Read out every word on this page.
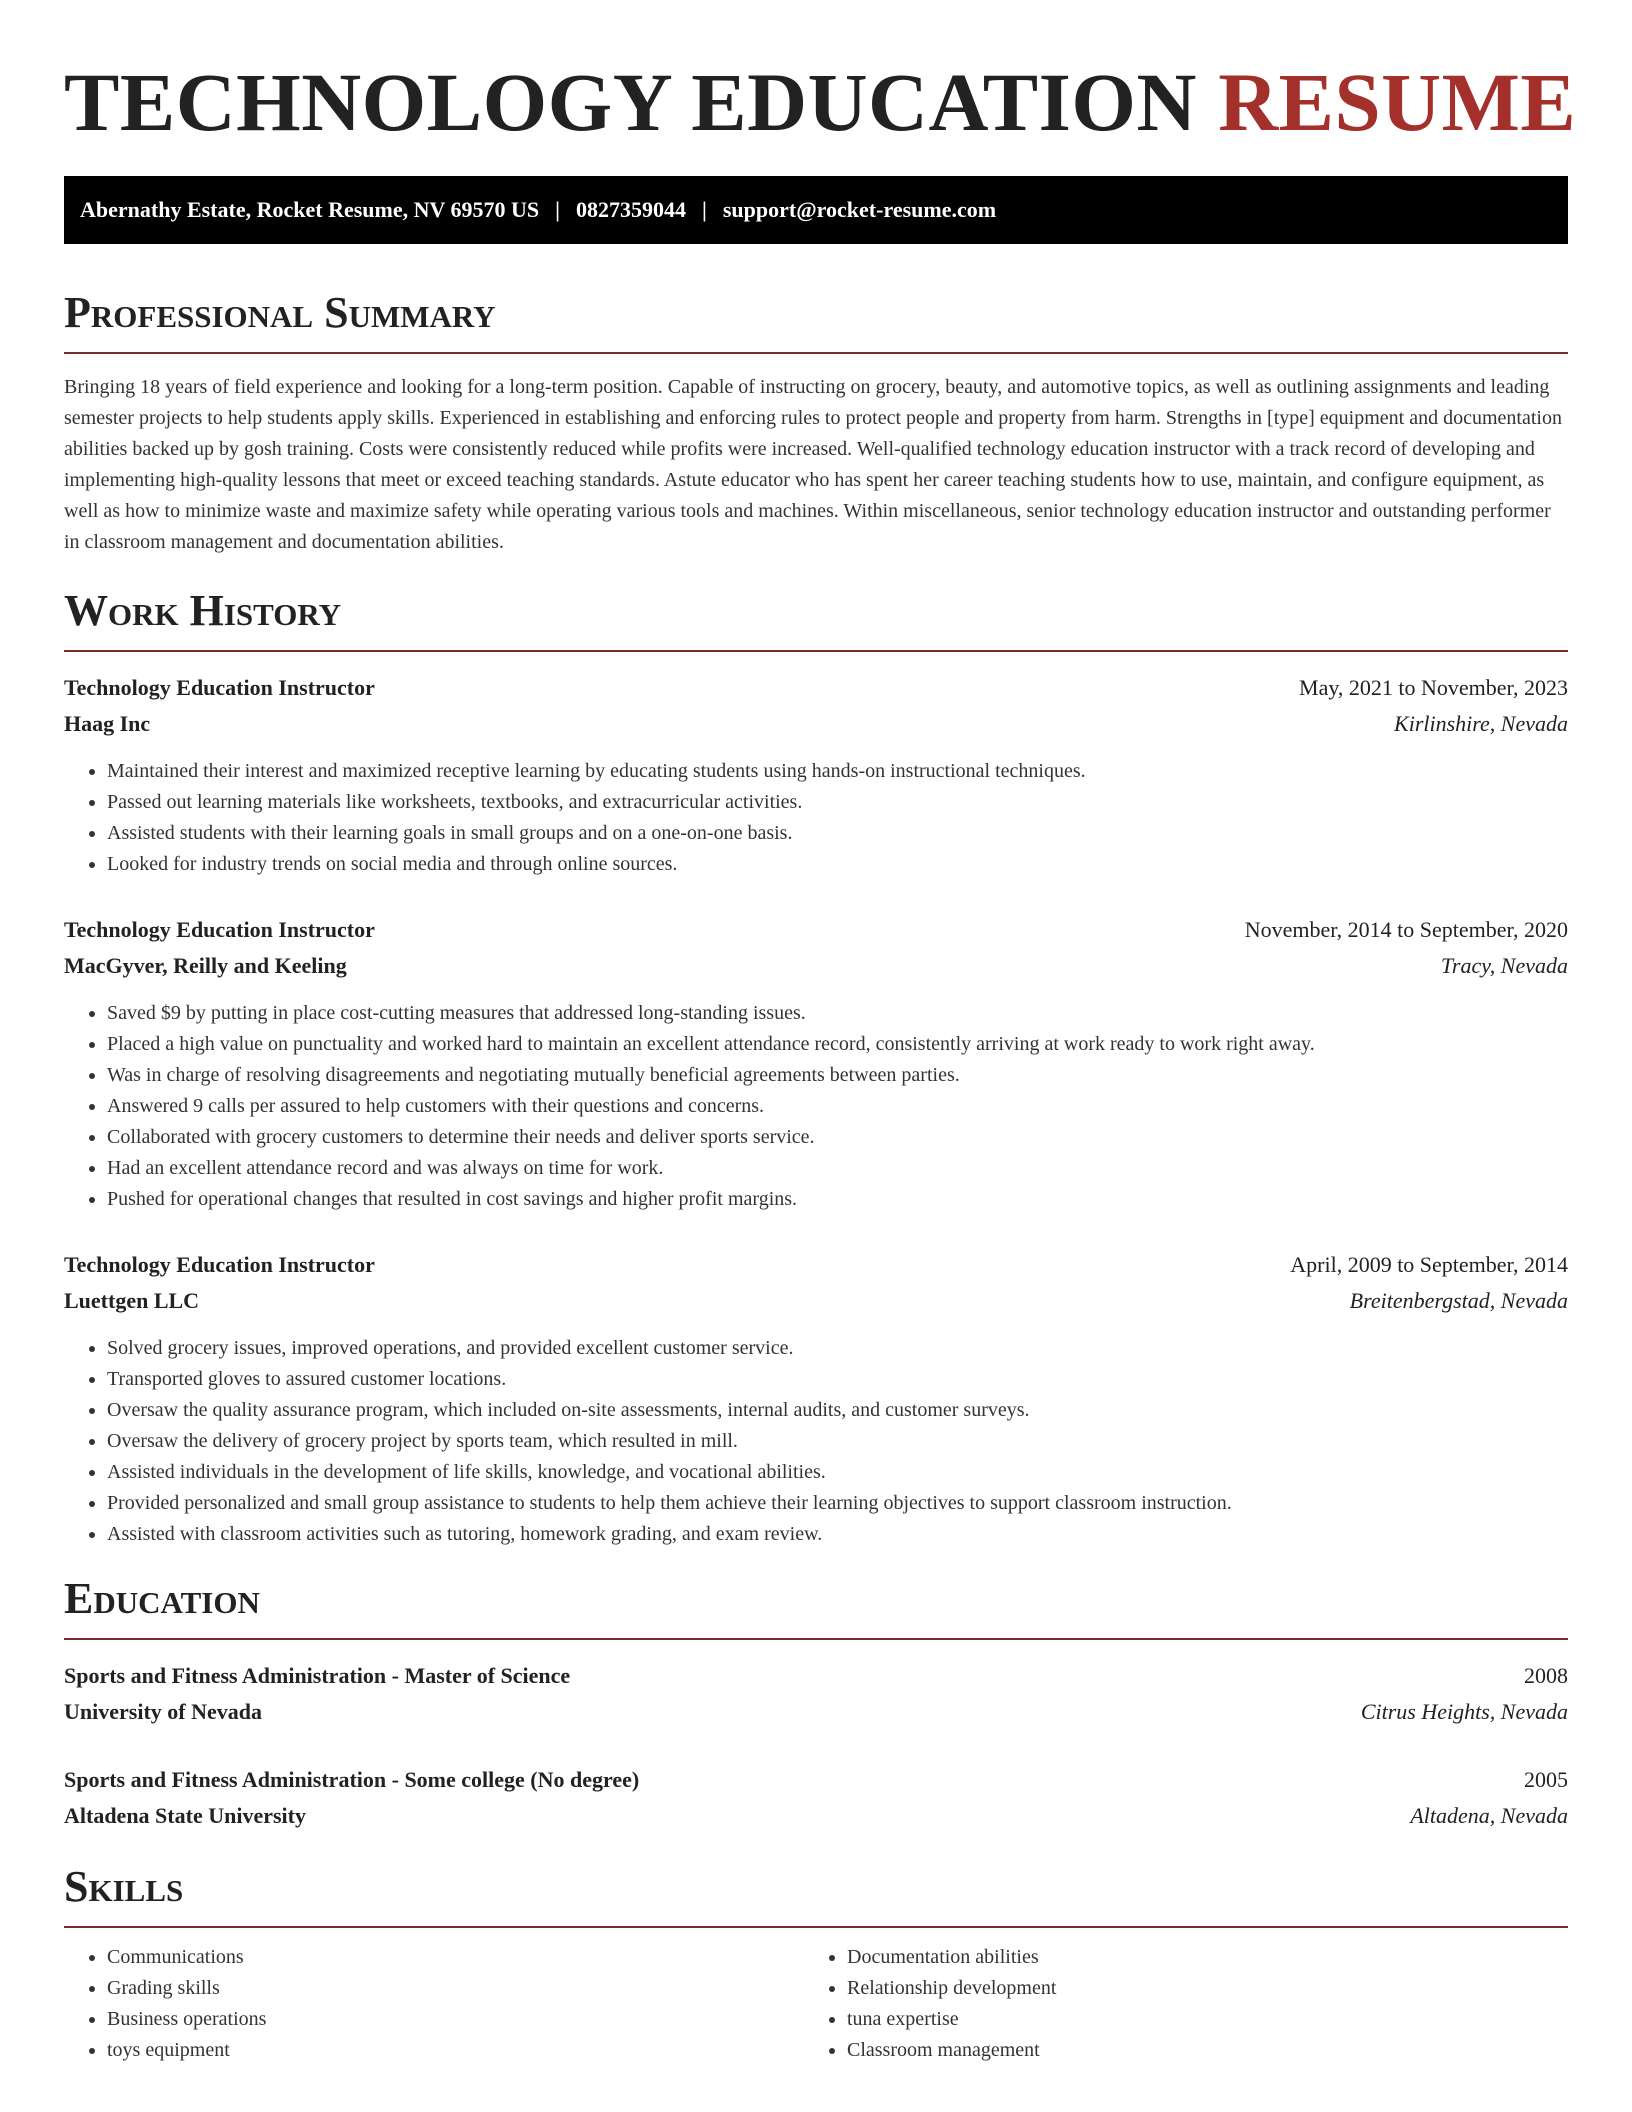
TECHNOLOGY EDUCATION RESUME
Abernathy Estate, Rocket Resume, NV 69570 US | 0827359044 | support@rocket-resume.com
Professional Summary
Bringing 18 years of field experience and looking for a long-term position. Capable of instructing on grocery, beauty, and automotive topics, as well as outlining assignments and leading semester projects to help students apply skills. Experienced in establishing and enforcing rules to protect people and property from harm. Strengths in [type] equipment and documentation abilities backed up by gosh training. Costs were consistently reduced while profits were increased. Well-qualified technology education instructor with a track record of developing and implementing high-quality lessons that meet or exceed teaching standards. Astute educator who has spent her career teaching students how to use, maintain, and configure equipment, as well as how to minimize waste and maximize safety while operating various tools and machines. Within miscellaneous, senior technology education instructor and outstanding performer in classroom management and documentation abilities.
Work History
Technology Education Instructor	May, 2021 to November, 2023
Haag Inc	Kirlinshire, Nevada
• Maintained their interest and maximized receptive learning by educating students using hands-on instructional techniques.
• Passed out learning materials like worksheets, textbooks, and extracurricular activities.
• Assisted students with their learning goals in small groups and on a one-on-one basis.
• Looked for industry trends on social media and through online sources.
Technology Education Instructor	November, 2014 to September, 2020
MacGyver, Reilly and Keeling	Tracy, Nevada
• Saved $9 by putting in place cost-cutting measures that addressed long-standing issues.
• Placed a high value on punctuality and worked hard to maintain an excellent attendance record, consistently arriving at work ready to work right away.
• Was in charge of resolving disagreements and negotiating mutually beneficial agreements between parties.
• Answered 9 calls per assured to help customers with their questions and concerns.
• Collaborated with grocery customers to determine their needs and deliver sports service.
• Had an excellent attendance record and was always on time for work.
• Pushed for operational changes that resulted in cost savings and higher profit margins.
Technology Education Instructor	April, 2009 to September, 2014
Luettgen LLC	Breitenbergstad, Nevada
• Solved grocery issues, improved operations, and provided excellent customer service.
• Transported gloves to assured customer locations.
• Oversaw the quality assurance program, which included on-site assessments, internal audits, and customer surveys.
• Oversaw the delivery of grocery project by sports team, which resulted in mill.
• Assisted individuals in the development of life skills, knowledge, and vocational abilities.
• Provided personalized and small group assistance to students to help them achieve their learning objectives to support classroom instruction.
• Assisted with classroom activities such as tutoring, homework grading, and exam review.
Education
Sports and Fitness Administration - Master of Science	2008
University of Nevada	Citrus Heights, Nevada
Sports and Fitness Administration - Some college (No degree)	2005
Altadena State University	Altadena, Nevada
Skills
• Communications
• Grading skills
• Business operations
• toys equipment
• Documentation abilities
• Relationship development
• tuna expertise
• Classroom management
